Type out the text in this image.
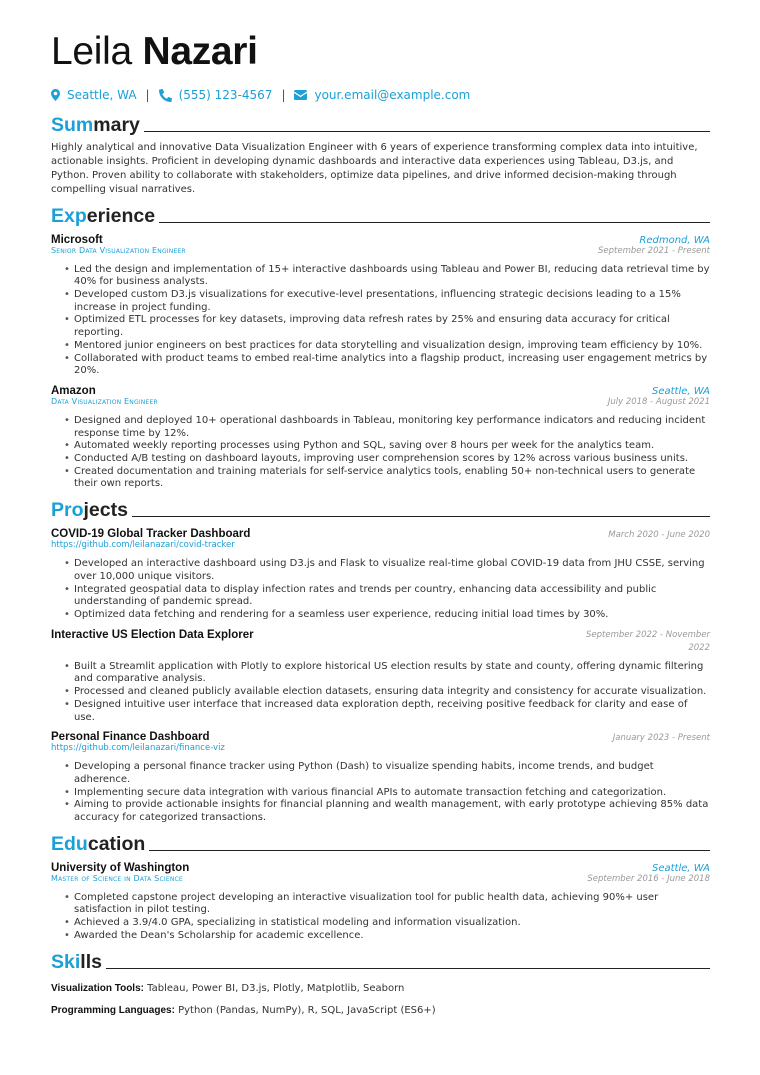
Leila Nazari
Seattle, WA | (555) 123-4567 | your.email@example.com
Summary

Highly analytical and innovative Data Visualization Engineer with 6 years of experience transforming complex data into intuitive, actionable insights. Proficient in developing dynamic dashboards and interactive data experiences using Tableau, D3.js, and Python. Proven ability to collaborate with stakeholders, optimize data pipelines, and drive informed decision-making through compelling visual narratives.

Experience
Microsoft	Redmond, WA
Senior Data Visualization Engineer	September 2021 - Present
• Led the design and implementation of 15+ interactive dashboards using Tableau and Power BI, reducing data retrieval time by 40% for business analysts.
• Developed custom D3.js visualizations for executive-level presentations, influencing strategic decisions leading to a 15% increase in project funding.
• Optimized ETL processes for key datasets, improving data refresh rates by 25% and ensuring data accuracy for critical reporting.
• Mentored junior engineers on best practices for data storytelling and visualization design, improving team efficiency by 10%.
• Collaborated with product teams to embed real-time analytics into a flagship product, increasing user engagement metrics by 20%.
Amazon	Seattle, WA
Data Visualization Engineer	July 2018 - August 2021
• Designed and deployed 10+ operational dashboards in Tableau, monitoring key performance indicators and reducing incident response time by 12%.
• Automated weekly reporting processes using Python and SQL, saving over 8 hours per week for the analytics team.
• Conducted A/B testing on dashboard layouts, improving user comprehension scores by 12% across various business units.
• Created documentation and training materials for self-service analytics tools, enabling 50+ non-technical users to generate their own reports.
Projects
COVID-19 Global Tracker Dashboard	March 2020 - June 2020
https://github.com/leilanazari/covid-tracker
• Developed an interactive dashboard using D3.js and Flask to visualize real-time global COVID-19 data from JHU CSSE, serving over 10,000 unique visitors.
• Integrated geospatial data to display infection rates and trends per country, enhancing data accessibility and public understanding of pandemic spread.
• Optimized data fetching and rendering for a seamless user experience, reducing initial load times by 30%.
Interactive US Election Data Explorer	September 2022 - November 2022
• Built a Streamlit application with Plotly to explore historical US election results by state and county, offering dynamic filtering and comparative analysis.
• Processed and cleaned publicly available election datasets, ensuring data integrity and consistency for accurate visualization.
• Designed intuitive user interface that increased data exploration depth, receiving positive feedback for clarity and ease of use.
Personal Finance Dashboard	January 2023 - Present
https://github.com/leilanazari/finance-viz
• Developing a personal finance tracker using Python (Dash) to visualize spending habits, income trends, and budget adherence.
• Implementing secure data integration with various financial APIs to automate transaction fetching and categorization.
• Aiming to provide actionable insights for financial planning and wealth management, with early prototype achieving 85% data accuracy for categorized transactions.
Education
University of Washington	Seattle, WA
Master of Science in Data Science	September 2016 - June 2018
• Completed capstone project developing an interactive visualization tool for public health data, achieving 90%+ user satisfaction in pilot testing.
• Achieved a 3.9/4.0 GPA, specializing in statistical modeling and information visualization.
• Awarded the Dean's Scholarship for academic excellence.
Skills
Visualization Tools: Tableau, Power BI, D3.js, Plotly, Matplotlib, Seaborn
Programming Languages: Python (Pandas, NumPy), R, SQL, JavaScript (ES6+)
